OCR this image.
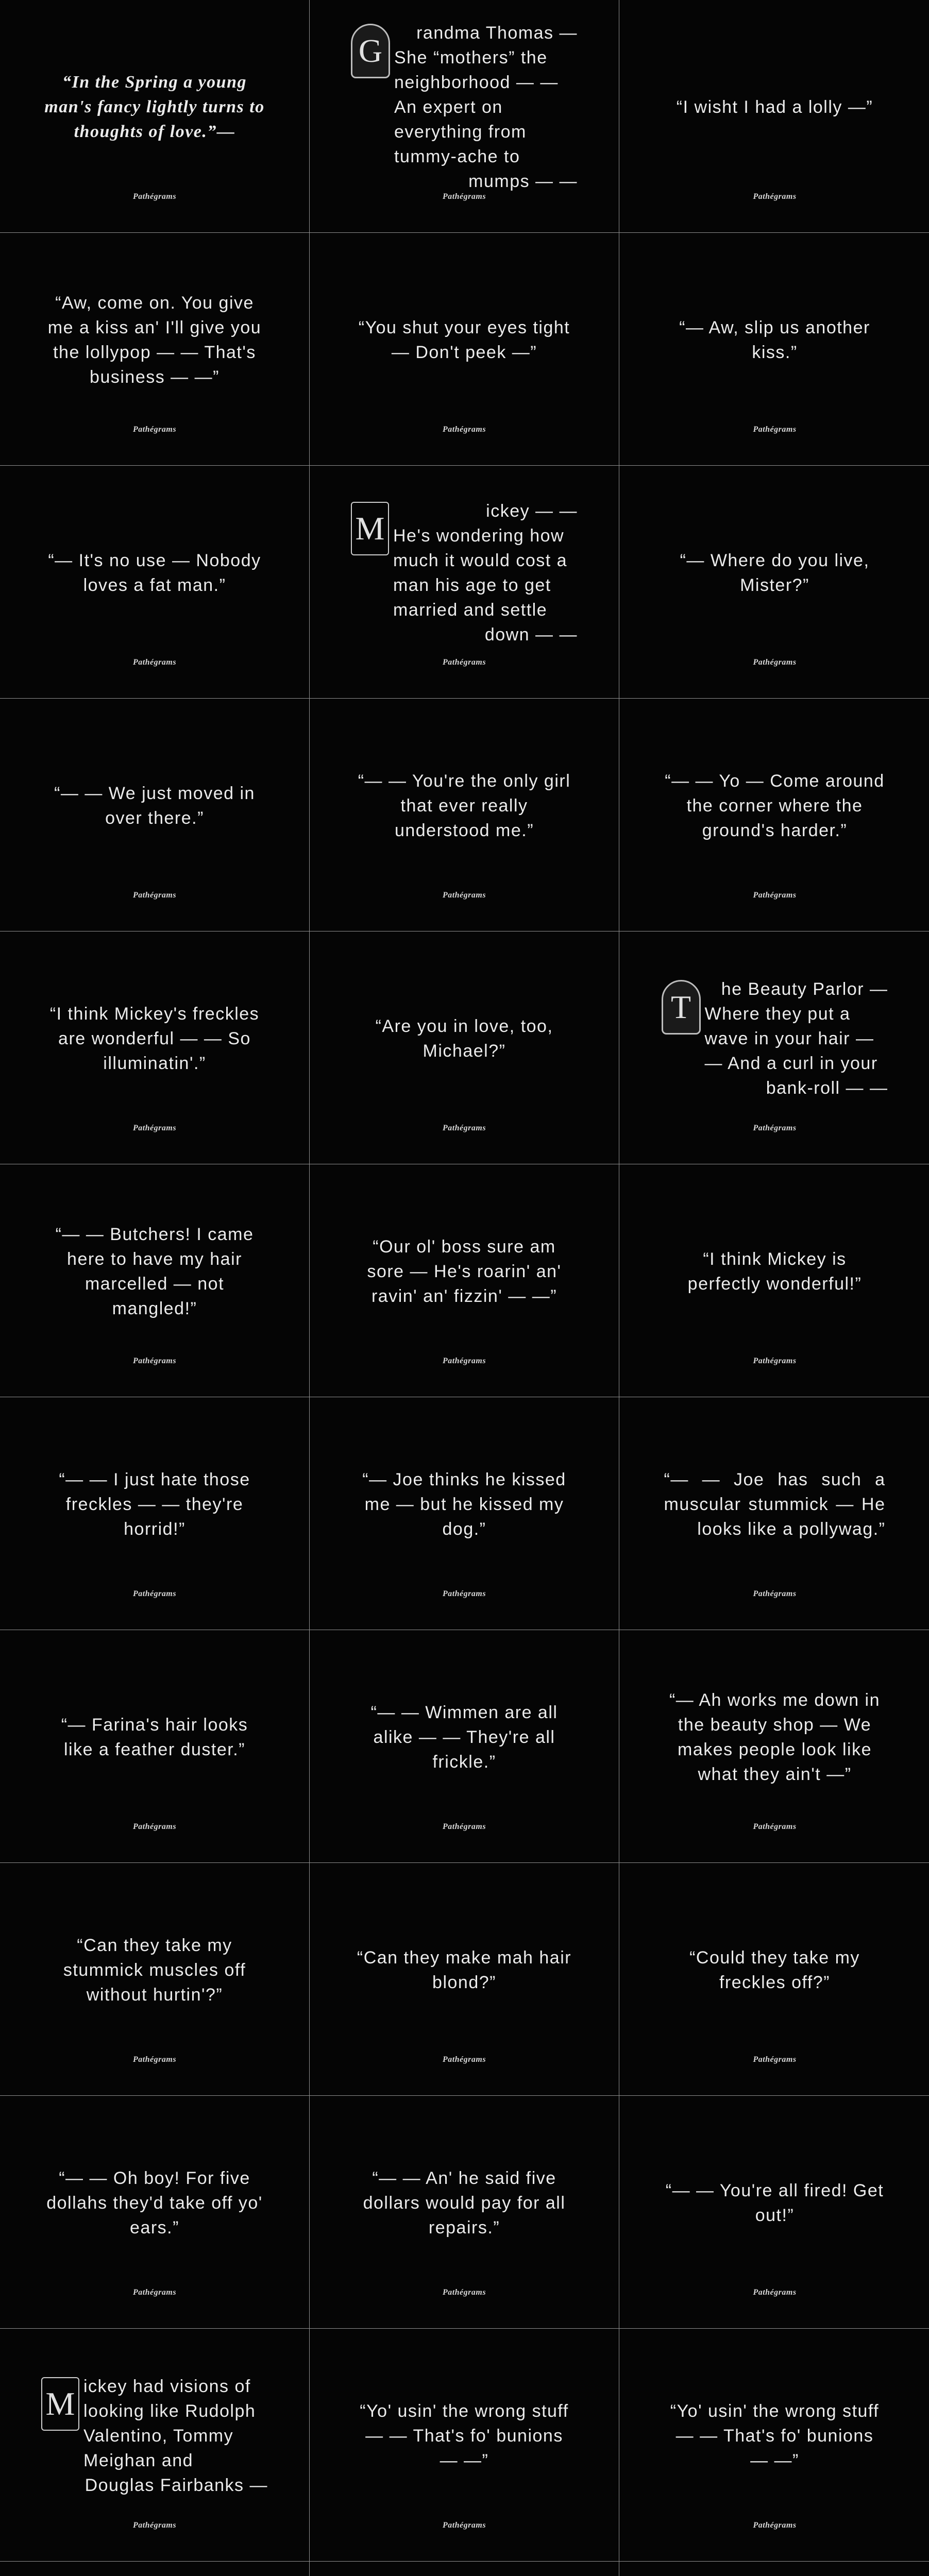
“In the Spring a young man's fancy lightly turns to thoughts of love.”—
Pathégrams
G	randma Thomas —
She “mothers” the neighborhood — — An expert on everything from tummy-ache to mumps — —
Pathégrams
“I wisht I had a lolly —”
Pathégrams
“Aw, come on. You give me a kiss an' I'll give you the lollypop — — That's business — —”
Pathégrams
“You shut your eyes tight — Don't peek —”
Pathégrams
“— Aw, slip us another kiss.”
Pathégrams
“— It's no use — Nobody loves a fat man.”
Pathégrams
M	ickey — —
He's wondering how much it would cost a man his age to get married and settle down — —
Pathégrams
“— Where do you live, Mister?”
Pathégrams
“— — We just moved in over there.”
Pathégrams
“— — You're the only girl that ever really understood me.”
Pathégrams
“— — Yo — Come around the corner where the ground's harder.”
Pathégrams
“I think Mickey's freckles are wonderful — — So illuminatin'.”
Pathégrams
“Are you in love, too, Michael?”
Pathégrams
T	he Beauty Parlor —
Where they put a wave in your hair — — And a curl in your bank-roll — —
Pathégrams
“— — Butchers! I came here to have my hair marcelled — not mangled!”
Pathégrams
“Our ol' boss sure am sore — He's roarin' an' ravin' an' fizzin' — —”
Pathégrams
“I think Mickey is perfectly wonderful!”
Pathégrams
“— — I just hate those freckles — — they're horrid!”
Pathégrams
“— Joe thinks he kissed me — but he kissed my dog.”
Pathégrams
“— — Joe has such a muscular stummick — He looks like a pollywag.”
Pathégrams
“— Farina's hair looks like a feather duster.”
Pathégrams
“— — Wimmen are all alike — — They're all frickle.”
Pathégrams
“— Ah works me down in the beauty shop — We makes people look like what they ain't —”
Pathégrams
“Can they take my stummick muscles off without hurtin'?”
Pathégrams
“Can they make mah hair blond?”
Pathégrams
“Could they take my freckles off?”
Pathégrams
“— — Oh boy! For five dollahs they'd take off yo' ears.”
Pathégrams
“— — An' he said five dollars would pay for all repairs.”
Pathégrams
“— — You're all fired! Get out!”
Pathégrams
M ickey had visions of looking like Rudolph Valentino, Tommy Meighan and Douglas Fairbanks —
Pathégrams
“Yo' usin' the wrong stuff — — That's fo' bunions — —”
Pathégrams
“Yo' usin' the wrong stuff — — That's fo' bunions — —”
Pathégrams
